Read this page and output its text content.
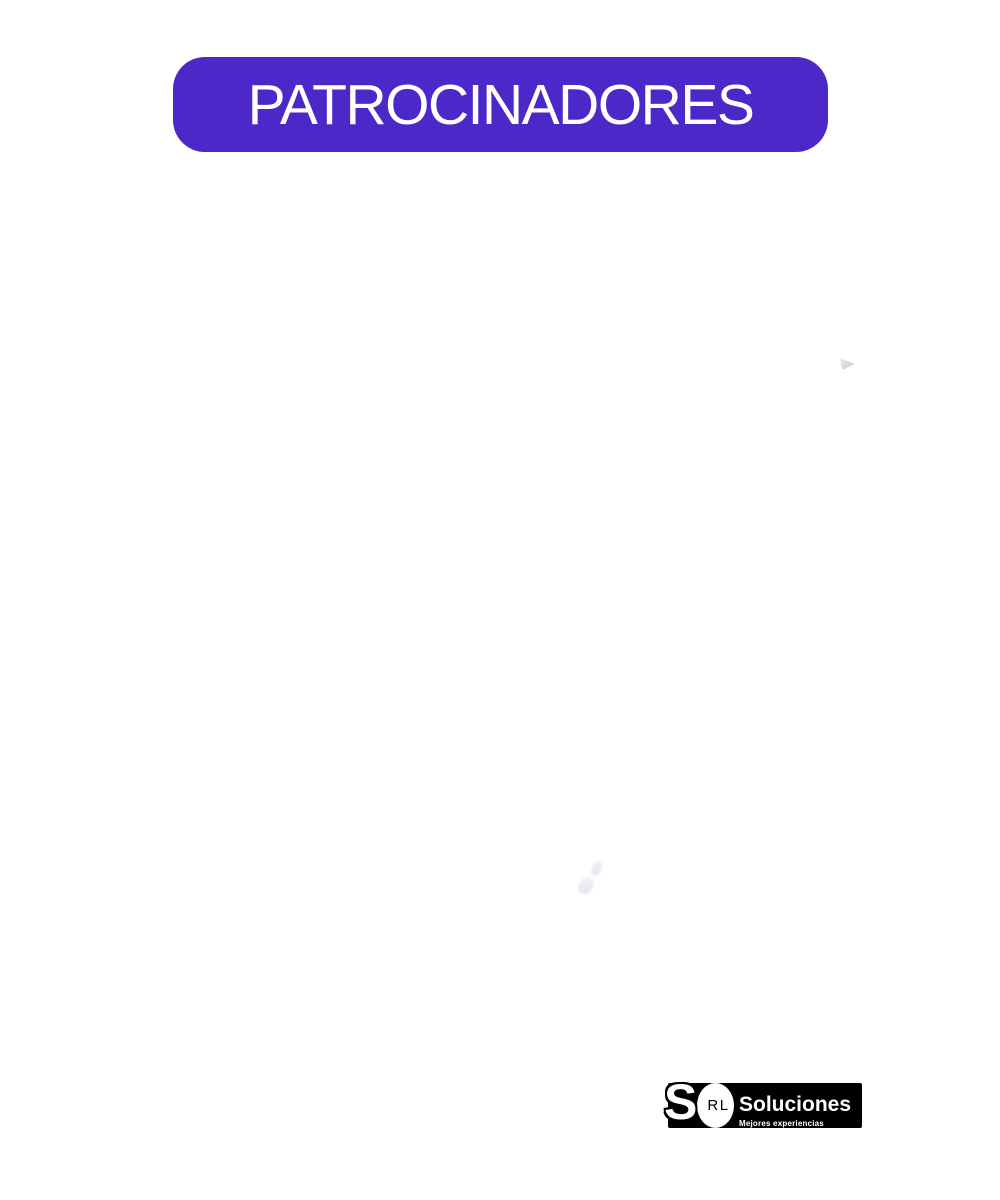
PATROCINADORES
RL
S Soluciones
Mejores experiencias
